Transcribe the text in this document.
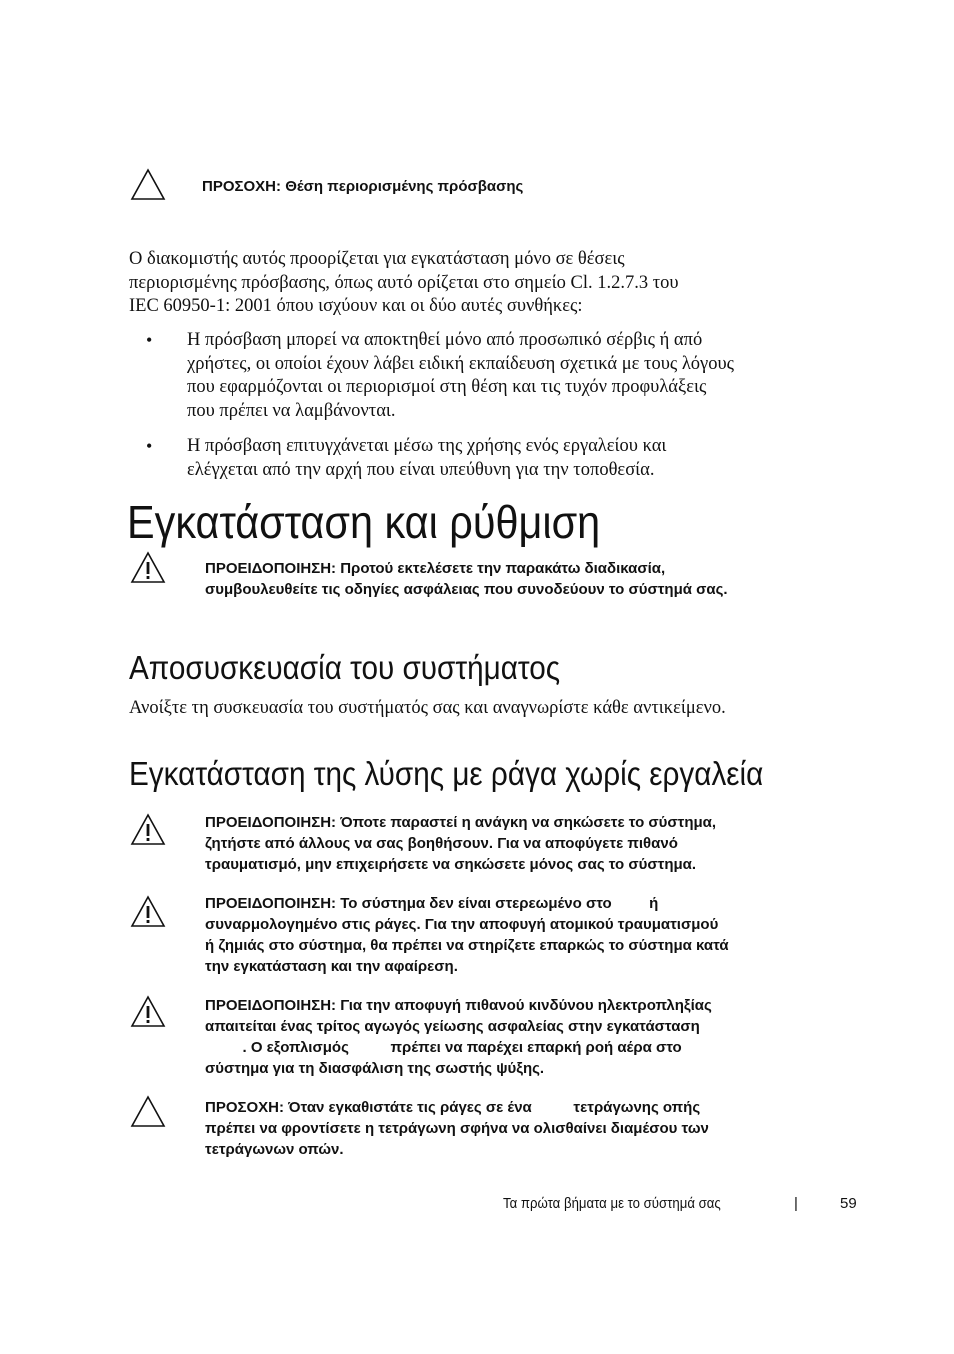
ΠΡΟΣΟΧΗ: Θέση περιορισμένης πρόσβασης
Ο διακομιστής αυτός προορίζεται για εγκατάσταση μόνο σε θέσεις
περιορισμένης πρόσβασης, όπως αυτό ορίζεται στο σημείο Cl. 1.2.7.3 του
IEC 60950-1: 2001 όπου ισχύουν και οι δύο αυτές συνθήκες:
• Η πρόσβαση μπορεί να αποκτηθεί μόνο από προσωπικό σέρβις ή από
χρήστες, οι οποίοι έχουν λάβει ειδική εκπαίδευση σχετικά με τους λόγους
που εφαρμόζονται οι περιορισμοί στη θέση και τις τυχόν προφυλάξεις
που πρέπει να λαμβάνονται.
• Η πρόσβαση επιτυγχάνεται μέσω της χρήσης ενός εργαλείου και
ελέγχεται από την αρχή που είναι υπεύθυνη για την τοποθεσία.
Εγκατάσταση και ρύθμιση
ΠΡΟΕΙΔΟΠΟΙΗΣΗ: Προτού εκτελέσετε την παρακάτω διαδικασία,
συμβουλευθείτε τις οδηγίες ασφάλειας που συνοδεύουν το σύστημά σας.
Αποσυσκευασία του συστήματος
Ανοίξτε τη συσκευασία του συστήματός σας και αναγνωρίστε κάθε αντικείμενο.
Εγκατάσταση της λύσης με ράγα χωρίς εργαλεία
ΠΡΟΕΙΔΟΠΟΙΗΣΗ: Όποτε παραστεί η ανάγκη να σηκώσετε το σύστημα,
ζητήστε από άλλους να σας βοηθήσουν. Για να αποφύγετε πιθανό
τραυματισμό, μην επιχειρήσετε να σηκώσετε μόνος σας το σύστημα.
ΠΡΟΕΙΔΟΠΟΙΗΣΗ: Το σύστημα δεν είναι στερεωμένο στο         ή
συναρμολογημένο στις ράγες. Για την αποφυγή ατομικού τραυματισμού
ή ζημιάς στο σύστημα, θα πρέπει να στηρίζετε επαρκώς το σύστημα κατά
την εγκατάσταση και την αφαίρεση.
ΠΡΟΕΙΔΟΠΟΙΗΣΗ: Για την αποφυγή πιθανού κινδύνου ηλεκτροπληξίας
απαιτείται ένας τρίτος αγωγός γείωσης ασφαλείας στην εγκατάσταση
. Ο εξοπλισμός          πρέπει να παρέχει επαρκή ροή αέρα στο
σύστημα για τη διασφάλιση της σωστής ψύξης.
ΠΡΟΣΟΧΗ: Όταν εγκαθιστάτε τις ράγες σε ένα          τετράγωνης οπής
πρέπει να φροντίσετε η τετράγωνη σφήνα να ολισθαίνει διαμέσου των
τετράγωνων οπών.
Τα πρώτα βήματα με το σύστημά σας	|	59
